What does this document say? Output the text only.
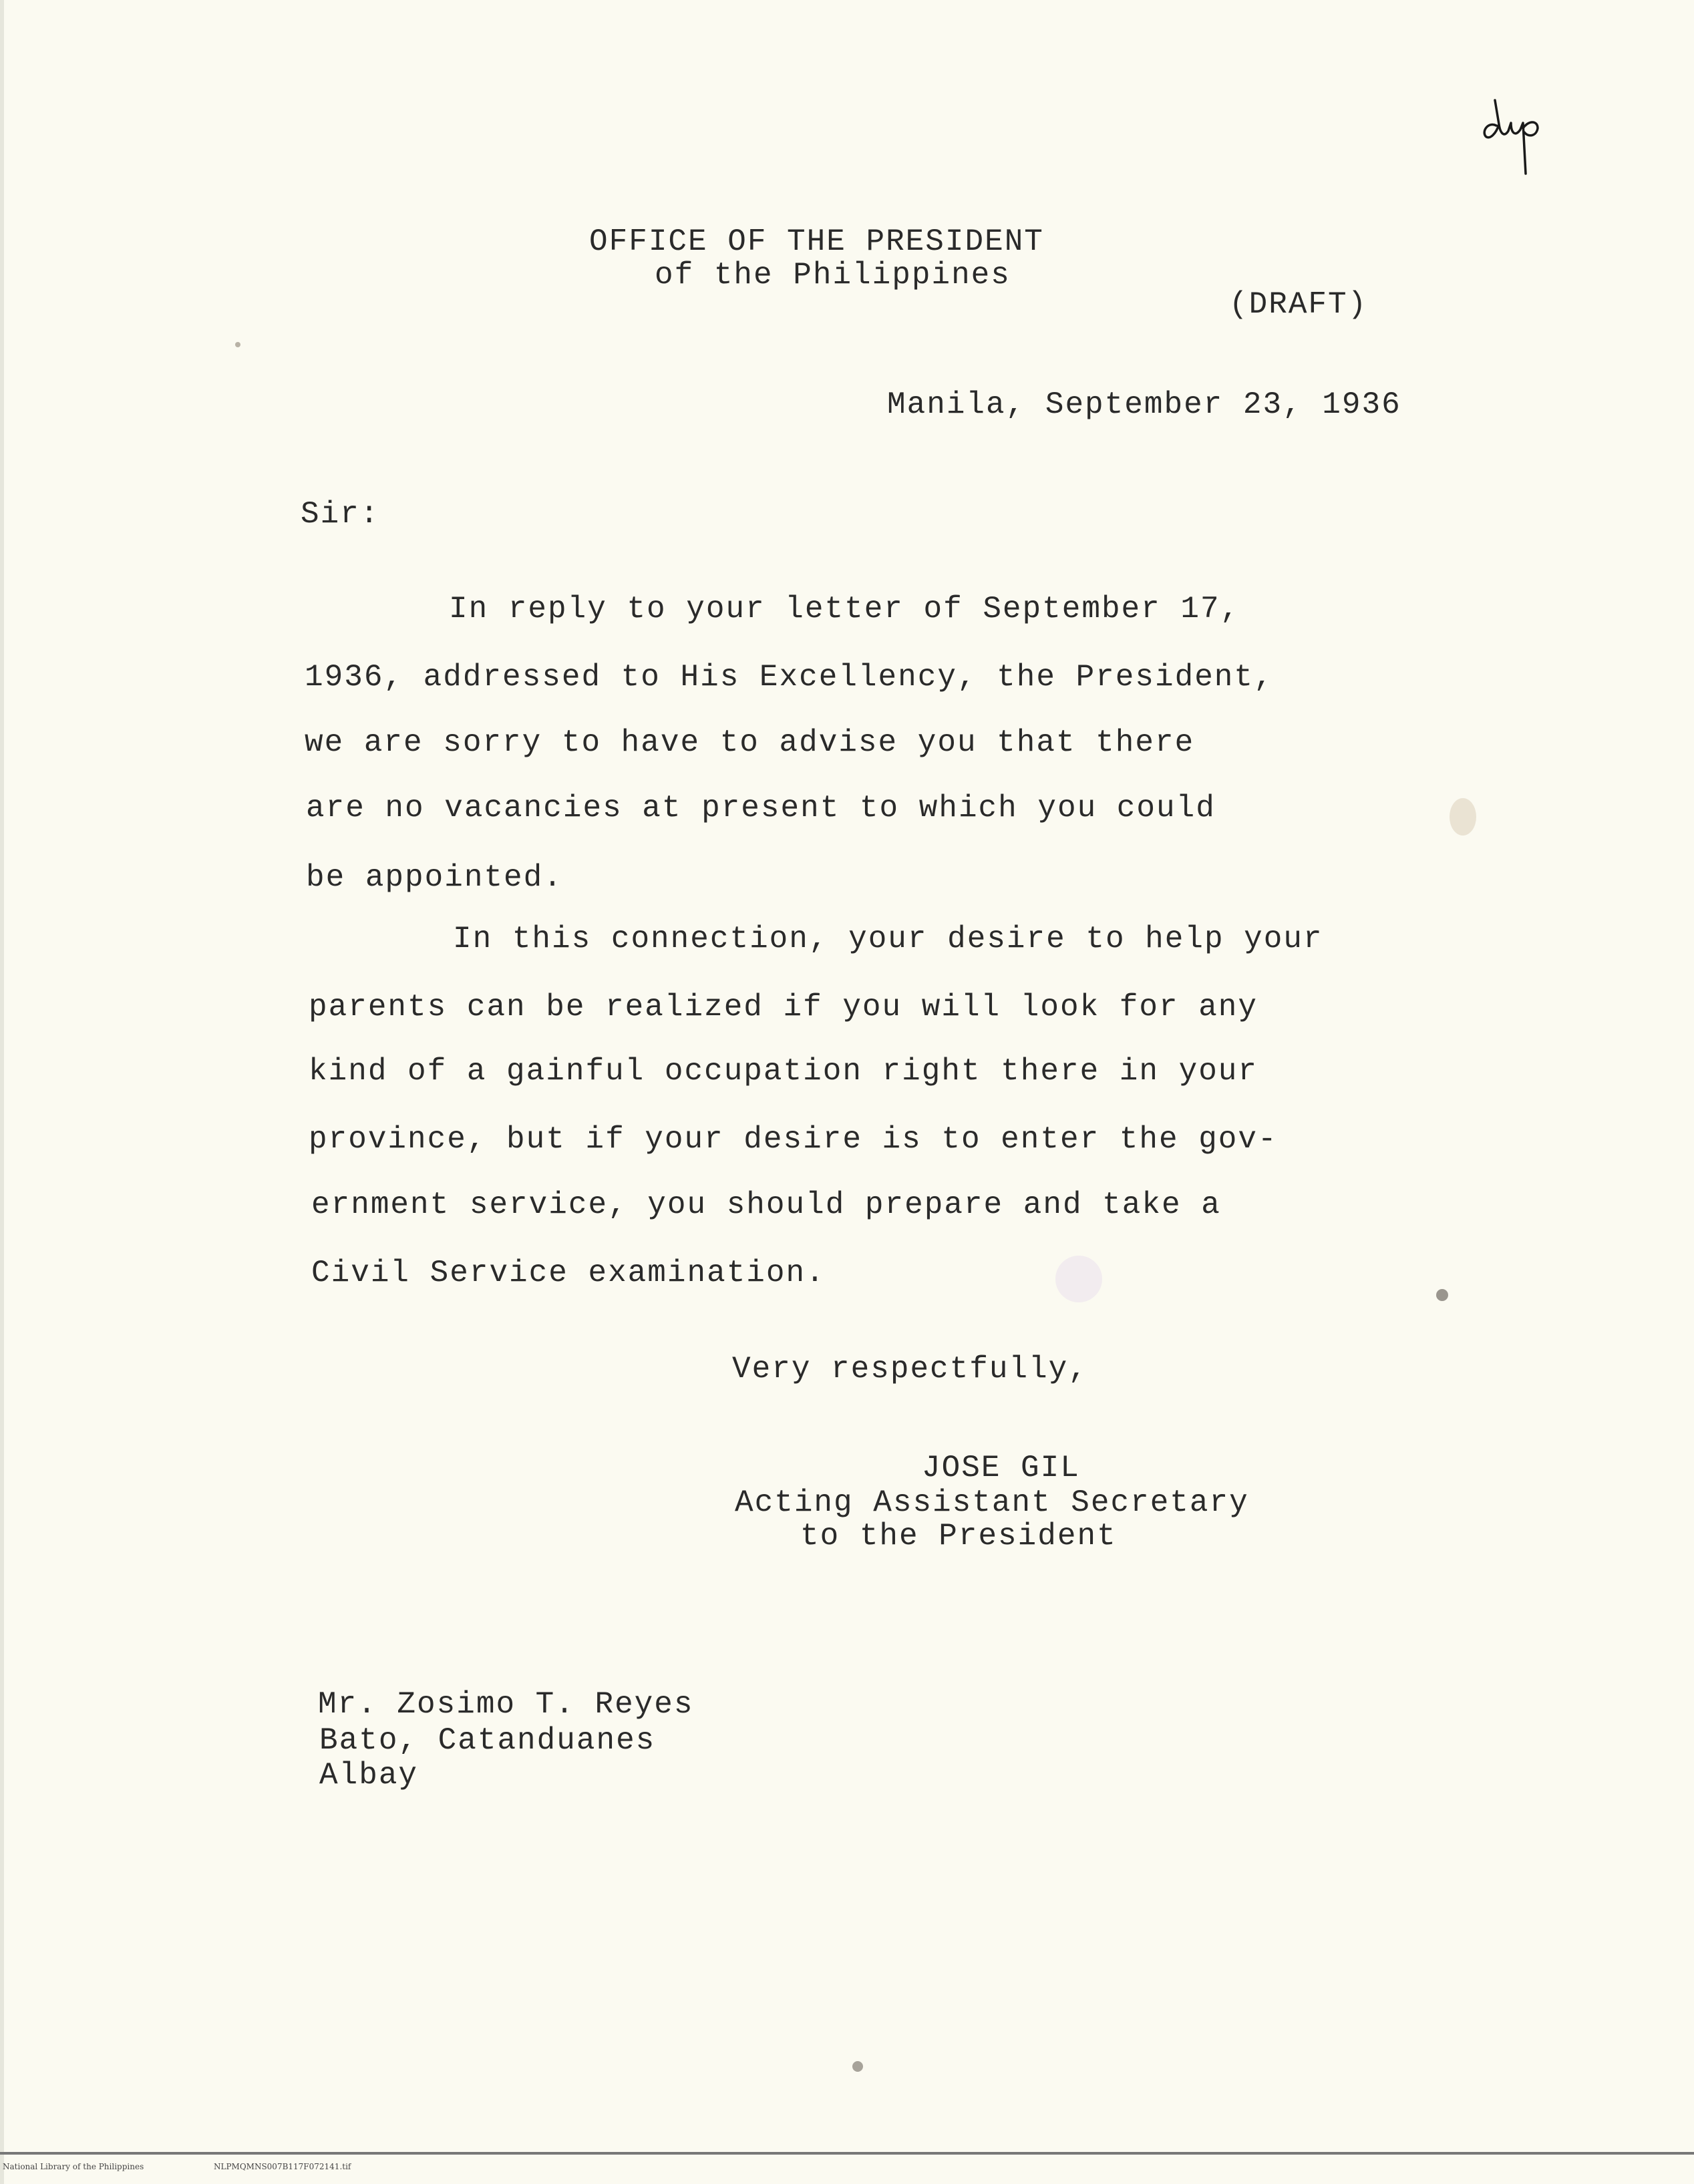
OFFICE OF THE PRESIDENT
of the Philippines
(DRAFT)
Manila, September 23, 1936
Sir:
In reply to your letter of September 17,
1936, addressed to His Excellency, the President,
we are sorry to have to advise you that there
are no vacancies at present to which you could
be appointed.
In this connection, your desire to help your
parents can be realized if you will look for any
kind of a gainful occupation right there in your
province, but if your desire is to enter the gov-
ernment service, you should prepare and take a
Civil Service examination.
Very respectfully,
JOSE GIL
Acting Assistant Secretary
to the President
Mr. Zosimo T. Reyes
Bato, Catanduanes
Albay
National Library of the Philippines	NLPMQMNS007B117F072141.tif
